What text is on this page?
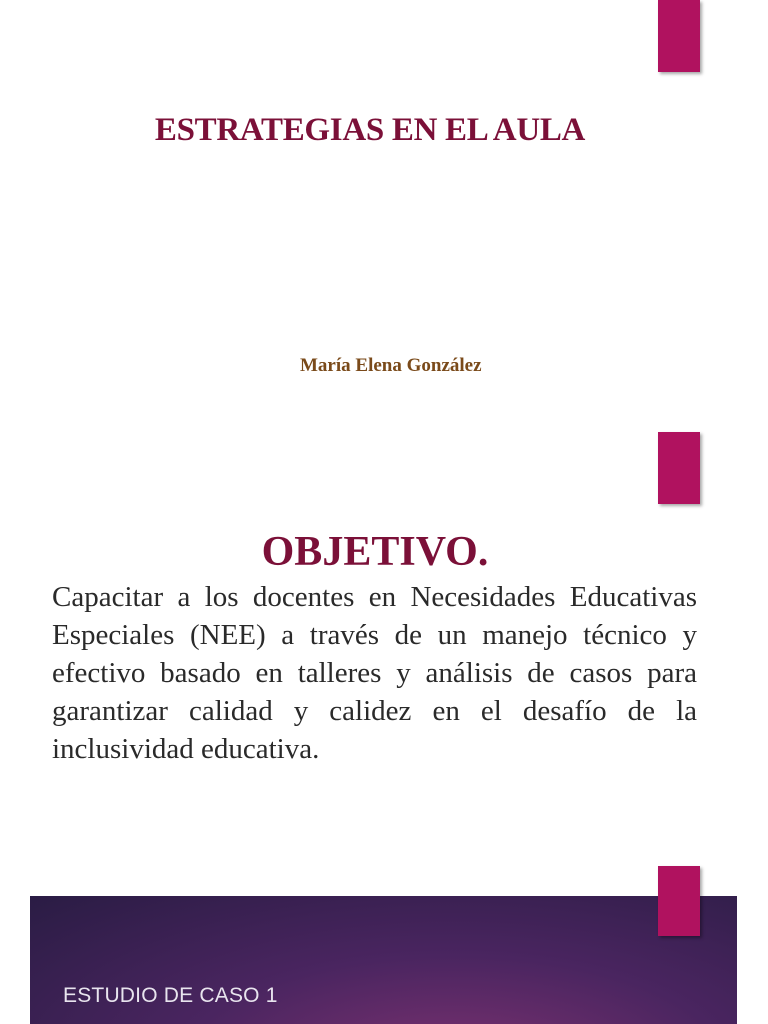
ESTRATEGIAS EN EL AULA

María Elena González

OBJETIVO.

Capacitar a los docentes en Necesidades Educativas Especiales (NEE) a través de un manejo técnico y efectivo basado en talleres y análisis de casos para garantizar calidad y calidez en el desafío de la inclusividad educativa.

ESTUDIO DE CASO 1
